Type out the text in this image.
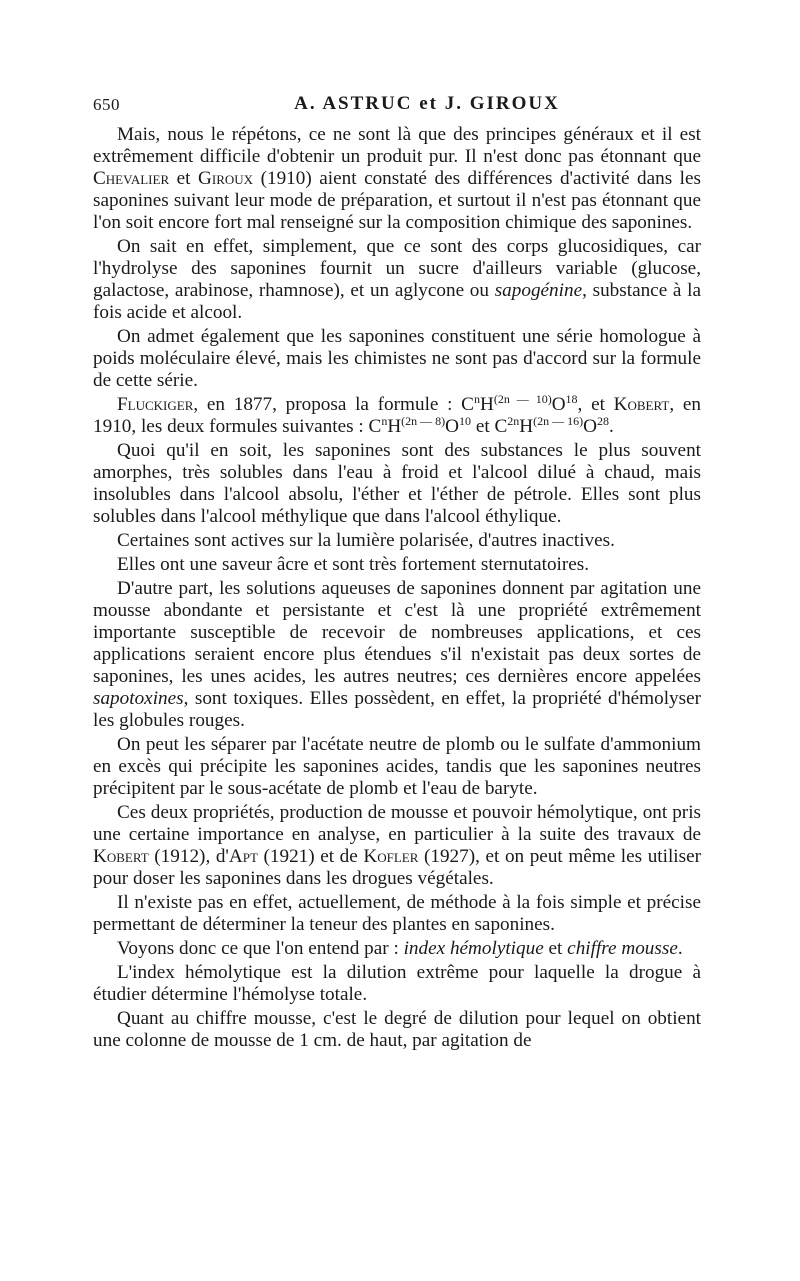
650	A. ASTRUC et J. GIROUX

Mais, nous le répétons, ce ne sont là que des principes généraux et il est extrêmement difficile d'obtenir un produit pur. Il n'est donc pas étonnant que Chevalier et Giroux (1910) aient constaté des différences d'activité dans les saponines suivant leur mode de préparation, et surtout il n'est pas étonnant que l'on soit encore fort mal renseigné sur la composition chimique des saponines.

On sait en effet, simplement, que ce sont des corps glucosidiques, car l'hydrolyse des saponines fournit un sucre d'ailleurs variable (glucose, galactose, arabinose, rhamnose), et un aglycone ou sapogénine, substance à la fois acide et alcool.

On admet également que les saponines constituent une série homologue à poids moléculaire élevé, mais les chimistes ne sont pas d'accord sur la formule de cette série.

Fluckiger, en 1877, proposa la formule : $C^nH^{(2n — 10)}O^{18}$, et Kobert, en 1910, les deux formules suivantes : $C^nH^{(2n — 8)}O^{10}$ et $C^{2n}H^{(2n — 16)}O^{28}$.

Quoi qu'il en soit, les saponines sont des substances le plus souvent amorphes, très solubles dans l'eau à froid et l'alcool dilué à chaud, mais insolubles dans l'alcool absolu, l'éther et l'éther de pétrole. Elles sont plus solubles dans l'alcool méthylique que dans l'alcool éthylique.

Certaines sont actives sur la lumière polarisée, d'autres inactives.

Elles ont une saveur âcre et sont très fortement sternutatoires.

D'autre part, les solutions aqueuses de saponines donnent par agitation une mousse abondante et persistante et c'est là une propriété extrêmement importante susceptible de recevoir de nombreuses applications, et ces applications seraient encore plus étendues s'il n'existait pas deux sortes de saponines, les unes acides, les autres neutres; ces dernières encore appelées sapotoxines, sont toxiques. Elles possèdent, en effet, la propriété d'hémolyser les globules rouges.

On peut les séparer par l'acétate neutre de plomb ou le sulfate d'ammonium en excès qui précipite les saponines acides, tandis que les saponines neutres précipitent par le sous-acétate de plomb et l'eau de baryte.

Ces deux propriétés, production de mousse et pouvoir hémolytique, ont pris une certaine importance en analyse, en particulier à la suite des travaux de Kobert (1912), d'Apt (1921) et de Kofler (1927), et on peut même les utiliser pour doser les saponines dans les drogues végétales.

Il n'existe pas en effet, actuellement, de méthode à la fois simple et précise permettant de déterminer la teneur des plantes en saponines.

Voyons donc ce que l'on entend par : index hémolytique et chiffre mousse.

L'index hémolytique est la dilution extrême pour laquelle la drogue à étudier détermine l'hémolyse totale.

Quant au chiffre mousse, c'est le degré de dilution pour lequel on obtient une colonne de mousse de 1 cm. de haut, par agitation de
